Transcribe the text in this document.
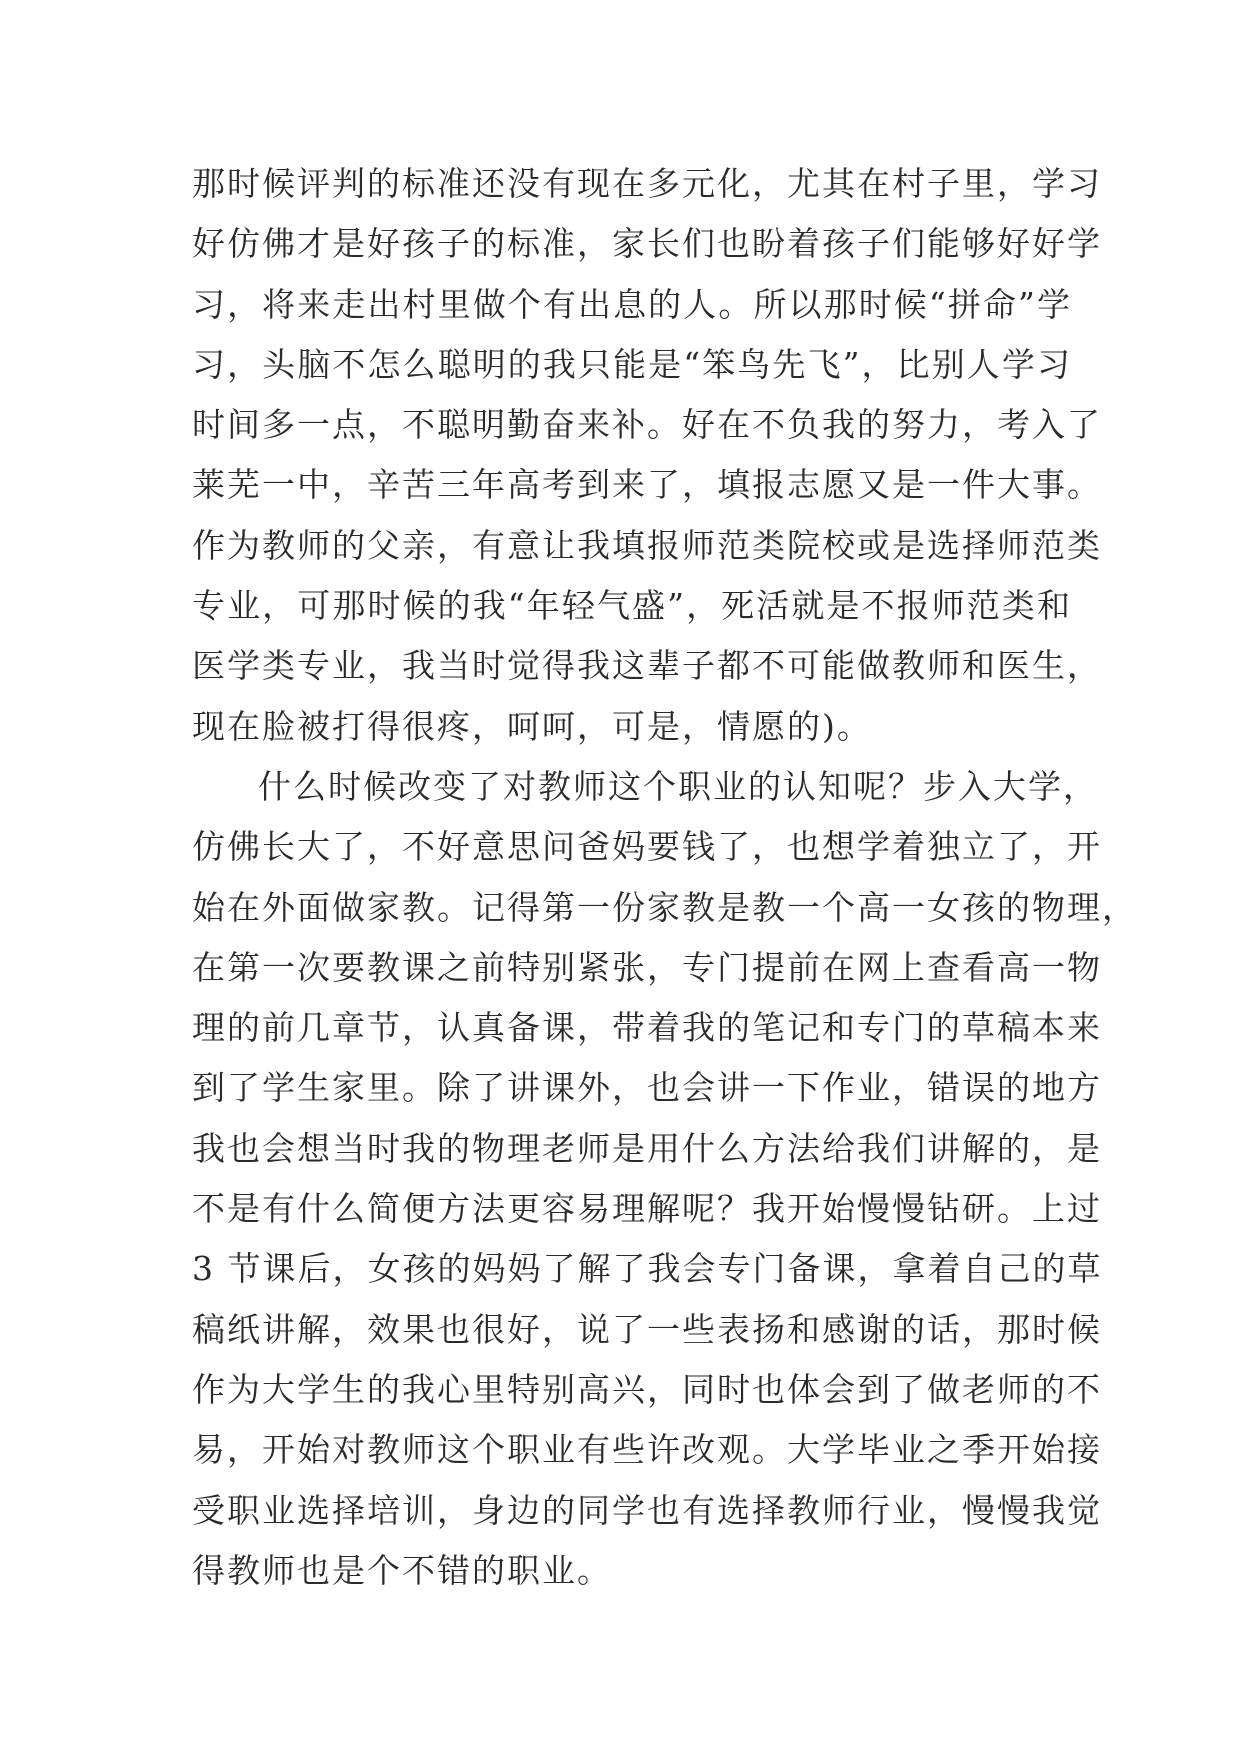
那时候评判的标准还没有现在多元化，尤其在村子里，学习
好仿佛才是好孩子的标准，家长们也盼着孩子们能够好好学
习，将来走出村里做个有出息的人。所以那时候“拼命”学
习，头脑不怎么聪明的我只能是“笨鸟先飞”，比别人学习
时间多一点，不聪明勤奋来补。好在不负我的努力，考入了
莱芜一中，辛苦三年高考到来了，填报志愿又是一件大事。
作为教师的父亲，有意让我填报师范类院校或是选择师范类
专业，可那时候的我“年轻气盛”，死活就是不报师范类和
医学类专业，我当时觉得我这辈子都不可能做教师和医生，
现在脸被打得很疼，呵呵，可是，情愿的)。
什么时候改变了对教师这个职业的认知呢？步入大学，
仿佛长大了，不好意思问爸妈要钱了，也想学着独立了，开
始在外面做家教。记得第一份家教是教一个高一女孩的物理，
在第一次要教课之前特别紧张，专门提前在网上查看高一物
理的前几章节，认真备课，带着我的笔记和专门的草稿本来
到了学生家里。除了讲课外，也会讲一下作业，错误的地方
我也会想当时我的物理老师是用什么方法给我们讲解的，是
不是有什么简便方法更容易理解呢？我开始慢慢钻研。上过
3 节课后，女孩的妈妈了解了我会专门备课，拿着自己的草
稿纸讲解，效果也很好，说了一些表扬和感谢的话，那时候
作为大学生的我心里特别高兴，同时也体会到了做老师的不
易，开始对教师这个职业有些许改观。大学毕业之季开始接
受职业选择培训，身边的同学也有选择教师行业，慢慢我觉
得教师也是个不错的职业。
